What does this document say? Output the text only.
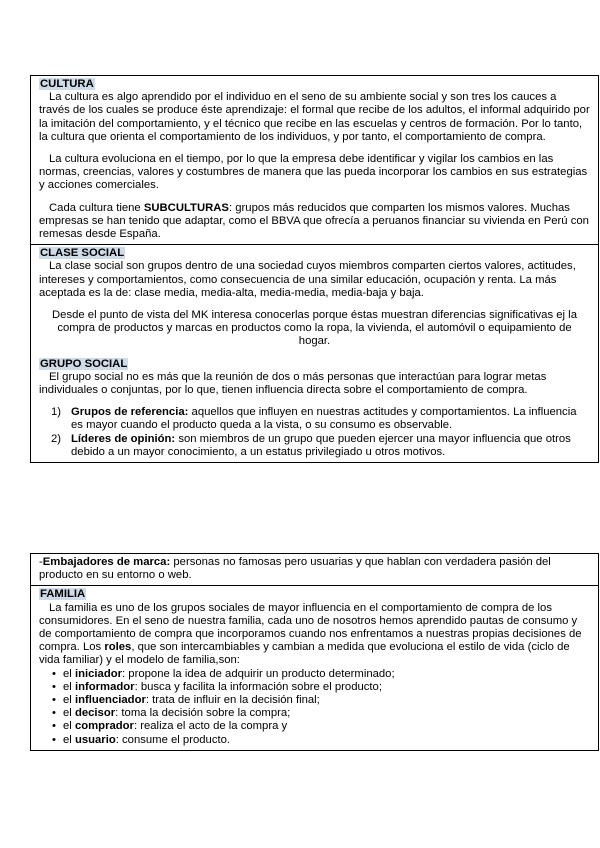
CULTURA

La cultura es algo aprendido por el individuo en el seno de su ambiente social y son tres los cauces a través de los cuales se produce éste aprendizaje: el formal que recibe de los adultos, el informal adquirido por la imitación del comportamiento, y el técnico que recibe en las escuelas y centros de formación. Por lo tanto, la cultura que orienta el comportamiento de los individuos, y por tanto, el comportamiento de compra.

La cultura evoluciona en el tiempo, por lo que la empresa debe identificar y vigilar los cambios en las normas, creencias, valores y costumbres de manera que las pueda incorporar los cambios en sus estrategias y acciones comerciales.

Cada cultura tiene SUBCULTURAS: grupos más reducidos que comparten los mismos valores. Muchas empresas se han tenido que adaptar, como el BBVA que ofrecía a peruanos financiar su vivienda en Perú con remesas desde España.

CLASE SOCIAL

La clase social son grupos dentro de una sociedad cuyos miembros comparten ciertos valores, actitudes, intereses y comportamientos, como consecuencia de una similar educación, ocupación y renta. La más aceptada es la de: clase media, media-alta, media-media, media-baja y baja.

Desde el punto de vista del MK interesa conocerlas porque éstas muestran diferencias significativas ej la compra de productos y marcas en productos como la ropa, la vivienda, el automóvil o equipamiento de hogar.

GRUPO SOCIAL

El grupo social no es más que la reunión de dos o más personas que interactúan para lograr metas individuales o conjuntas, por lo que, tienen influencia directa sobre el comportamiento de compra.

1) Grupos de referencia: aquellos que influyen en nuestras actitudes y comportamientos. La influencia es mayor cuando el producto queda a la vista, o su consumo es observable.
2) Líderes de opinión: son miembros de un grupo que pueden ejercer una mayor influencia que otros debido a un mayor conocimiento, a un estatus privilegiado u otros motivos.

-Embajadores de marca: personas no famosas pero usuarias y que hablan con verdadera pasión del producto en su entorno o web.

FAMILIA

La familia es uno de los grupos sociales de mayor influencia en el comportamiento de compra de los consumidores. En el seno de nuestra familia, cada uno de nosotros hemos aprendido pautas de consumo y de comportamiento de compra que incorporamos cuando nos enfrentamos a nuestras propias decisiones de compra. Los roles, que son intercambiables y cambian a medida que evoluciona el estilo de vida (ciclo de vida familiar) y el modelo de familia,son:

• el iniciador: propone la idea de adquirir un producto determinado;
• el informador: busca y facilita la información sobre el producto;
• el influenciador: trata de influir en la decisión final;
• el decisor: toma la decisión sobre la compra;
• el comprador: realiza el acto de la compra y
• el usuario: consume el producto.
